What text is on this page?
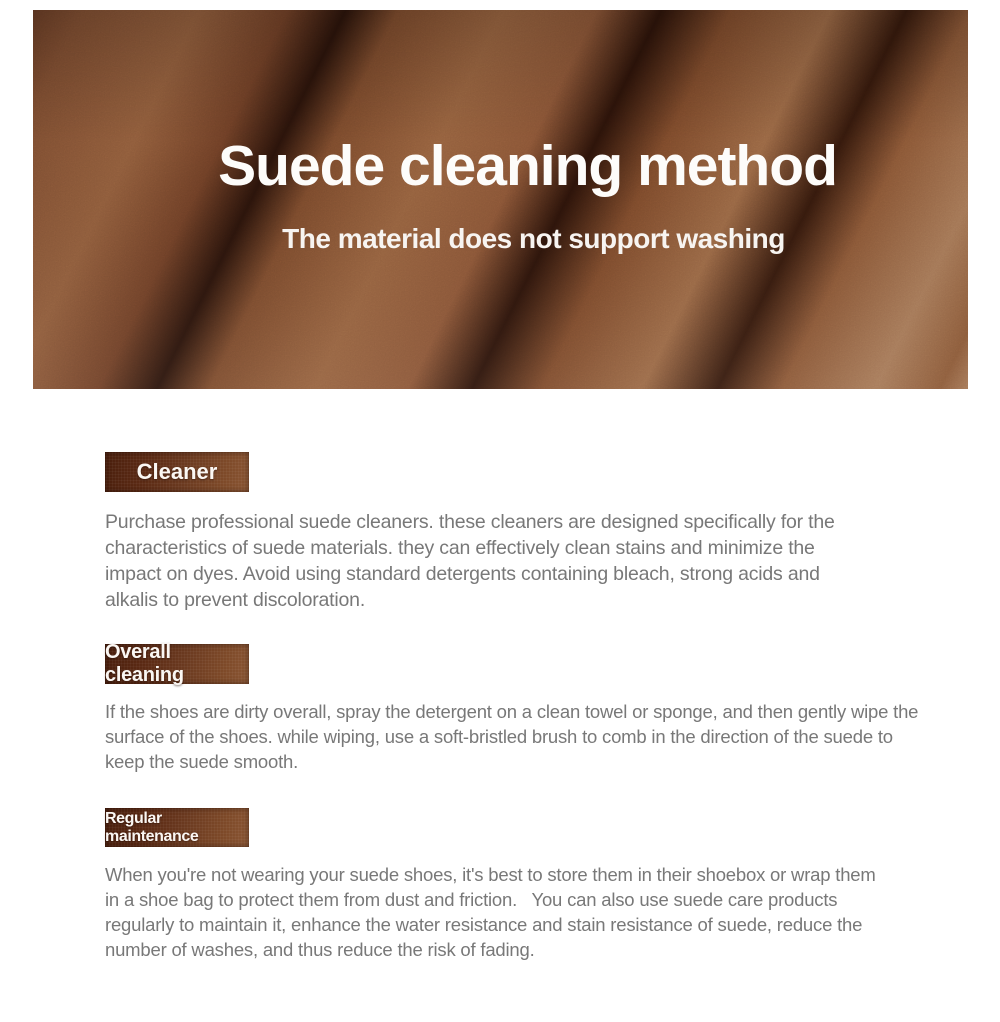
Suede cleaning method
The material does not support washing
Cleaner
Purchase professional suede cleaners. these cleaners are designed specifically for the characteristics of suede materials. they can effectively clean stains and minimize the impact on dyes. Avoid using standard detergents containing bleach, strong acids and alkalis to prevent discoloration.
Overall cleaning
If the shoes are dirty overall, spray the detergent on a clean towel or sponge, and then gently wipe the surface of the shoes. while wiping, use a soft-bristled brush to comb in the direction of the suede to keep the suede smooth.
Regular maintenance
When you're not wearing your suede shoes, it's best to store them in their shoebox or wrap them in a shoe bag to protect them from dust and friction.   You can also use suede care products regularly to maintain it, enhance the water resistance and stain resistance of suede, reduce the number of washes, and thus reduce the risk of fading.
